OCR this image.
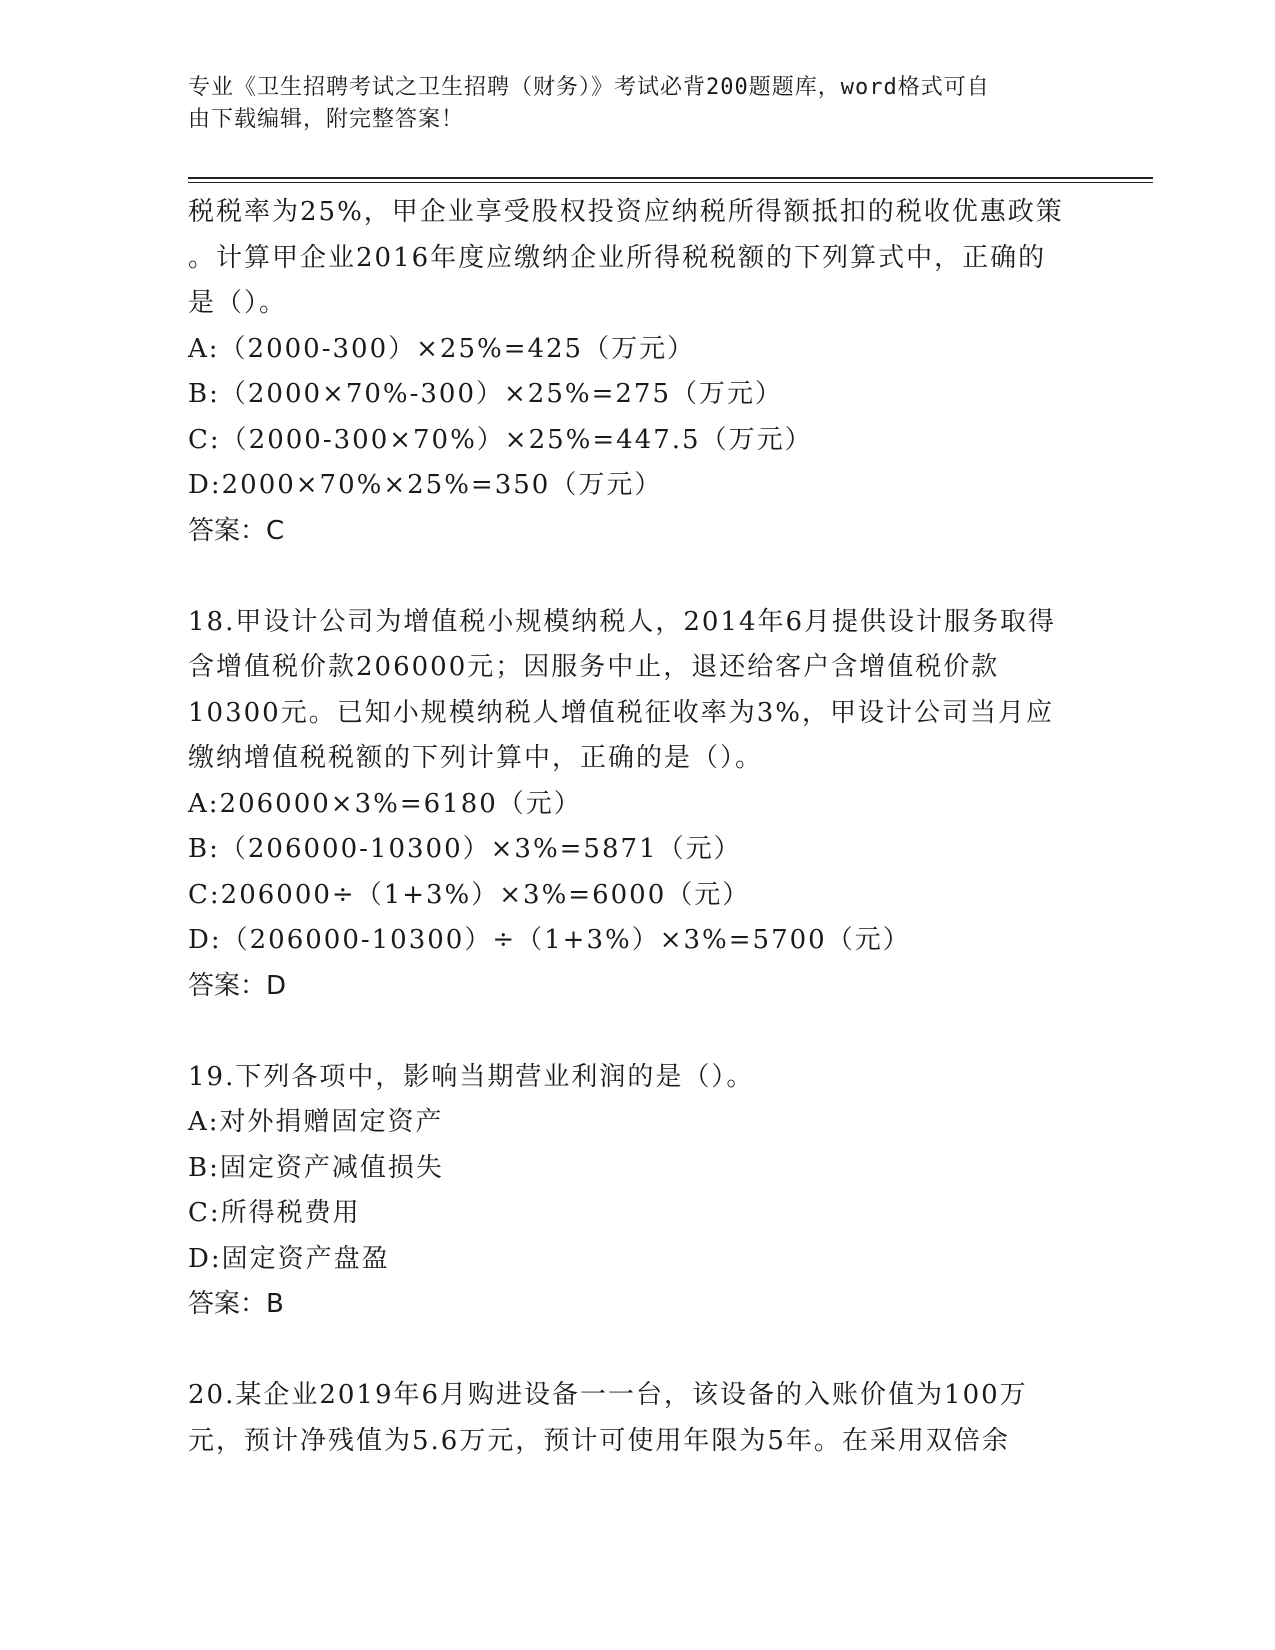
专业《卫生招聘考试之卫生招聘（财务）》考试必背200题题库，word格式可自
由下载编辑，附完整答案！
税税率为25%，甲企业享受股权投资应纳税所得额抵扣的税收优惠政策
。计算甲企业2016年度应缴纳企业所得税税额的下列算式中，正确的
是（）。
A:（2000-300）×25%=425（万元）
B:（2000×70%-300）×25%=275（万元）
C:（2000-300×70%）×25%=447.5（万元）
D:2000×70%×25%=350（万元）
答案：C
18.甲设计公司为增值税小规模纳税人，2014年6月提供设计服务取得
含增值税价款206000元；因服务中止，退还给客户含增值税价款
10300元。已知小规模纳税人增值税征收率为3%，甲设计公司当月应
缴纳增值税税额的下列计算中，正确的是（）。
A:206000×3%=6180（元）
B:（206000-10300）×3%=5871（元）
C:206000÷（1+3%）×3%=6000（元）
D:（206000-10300）÷（1+3%）×3%=5700（元）
答案：D
19.下列各项中，影响当期营业利润的是（）。
A:对外捐赠固定资产
B:固定资产减值损失
C:所得税费用
D:固定资产盘盈
答案：B
20.某企业2019年6月购进设备一一台，该设备的入账价值为100万
元，预计净残值为5.6万元，预计可使用年限为5年。在采用双倍余
